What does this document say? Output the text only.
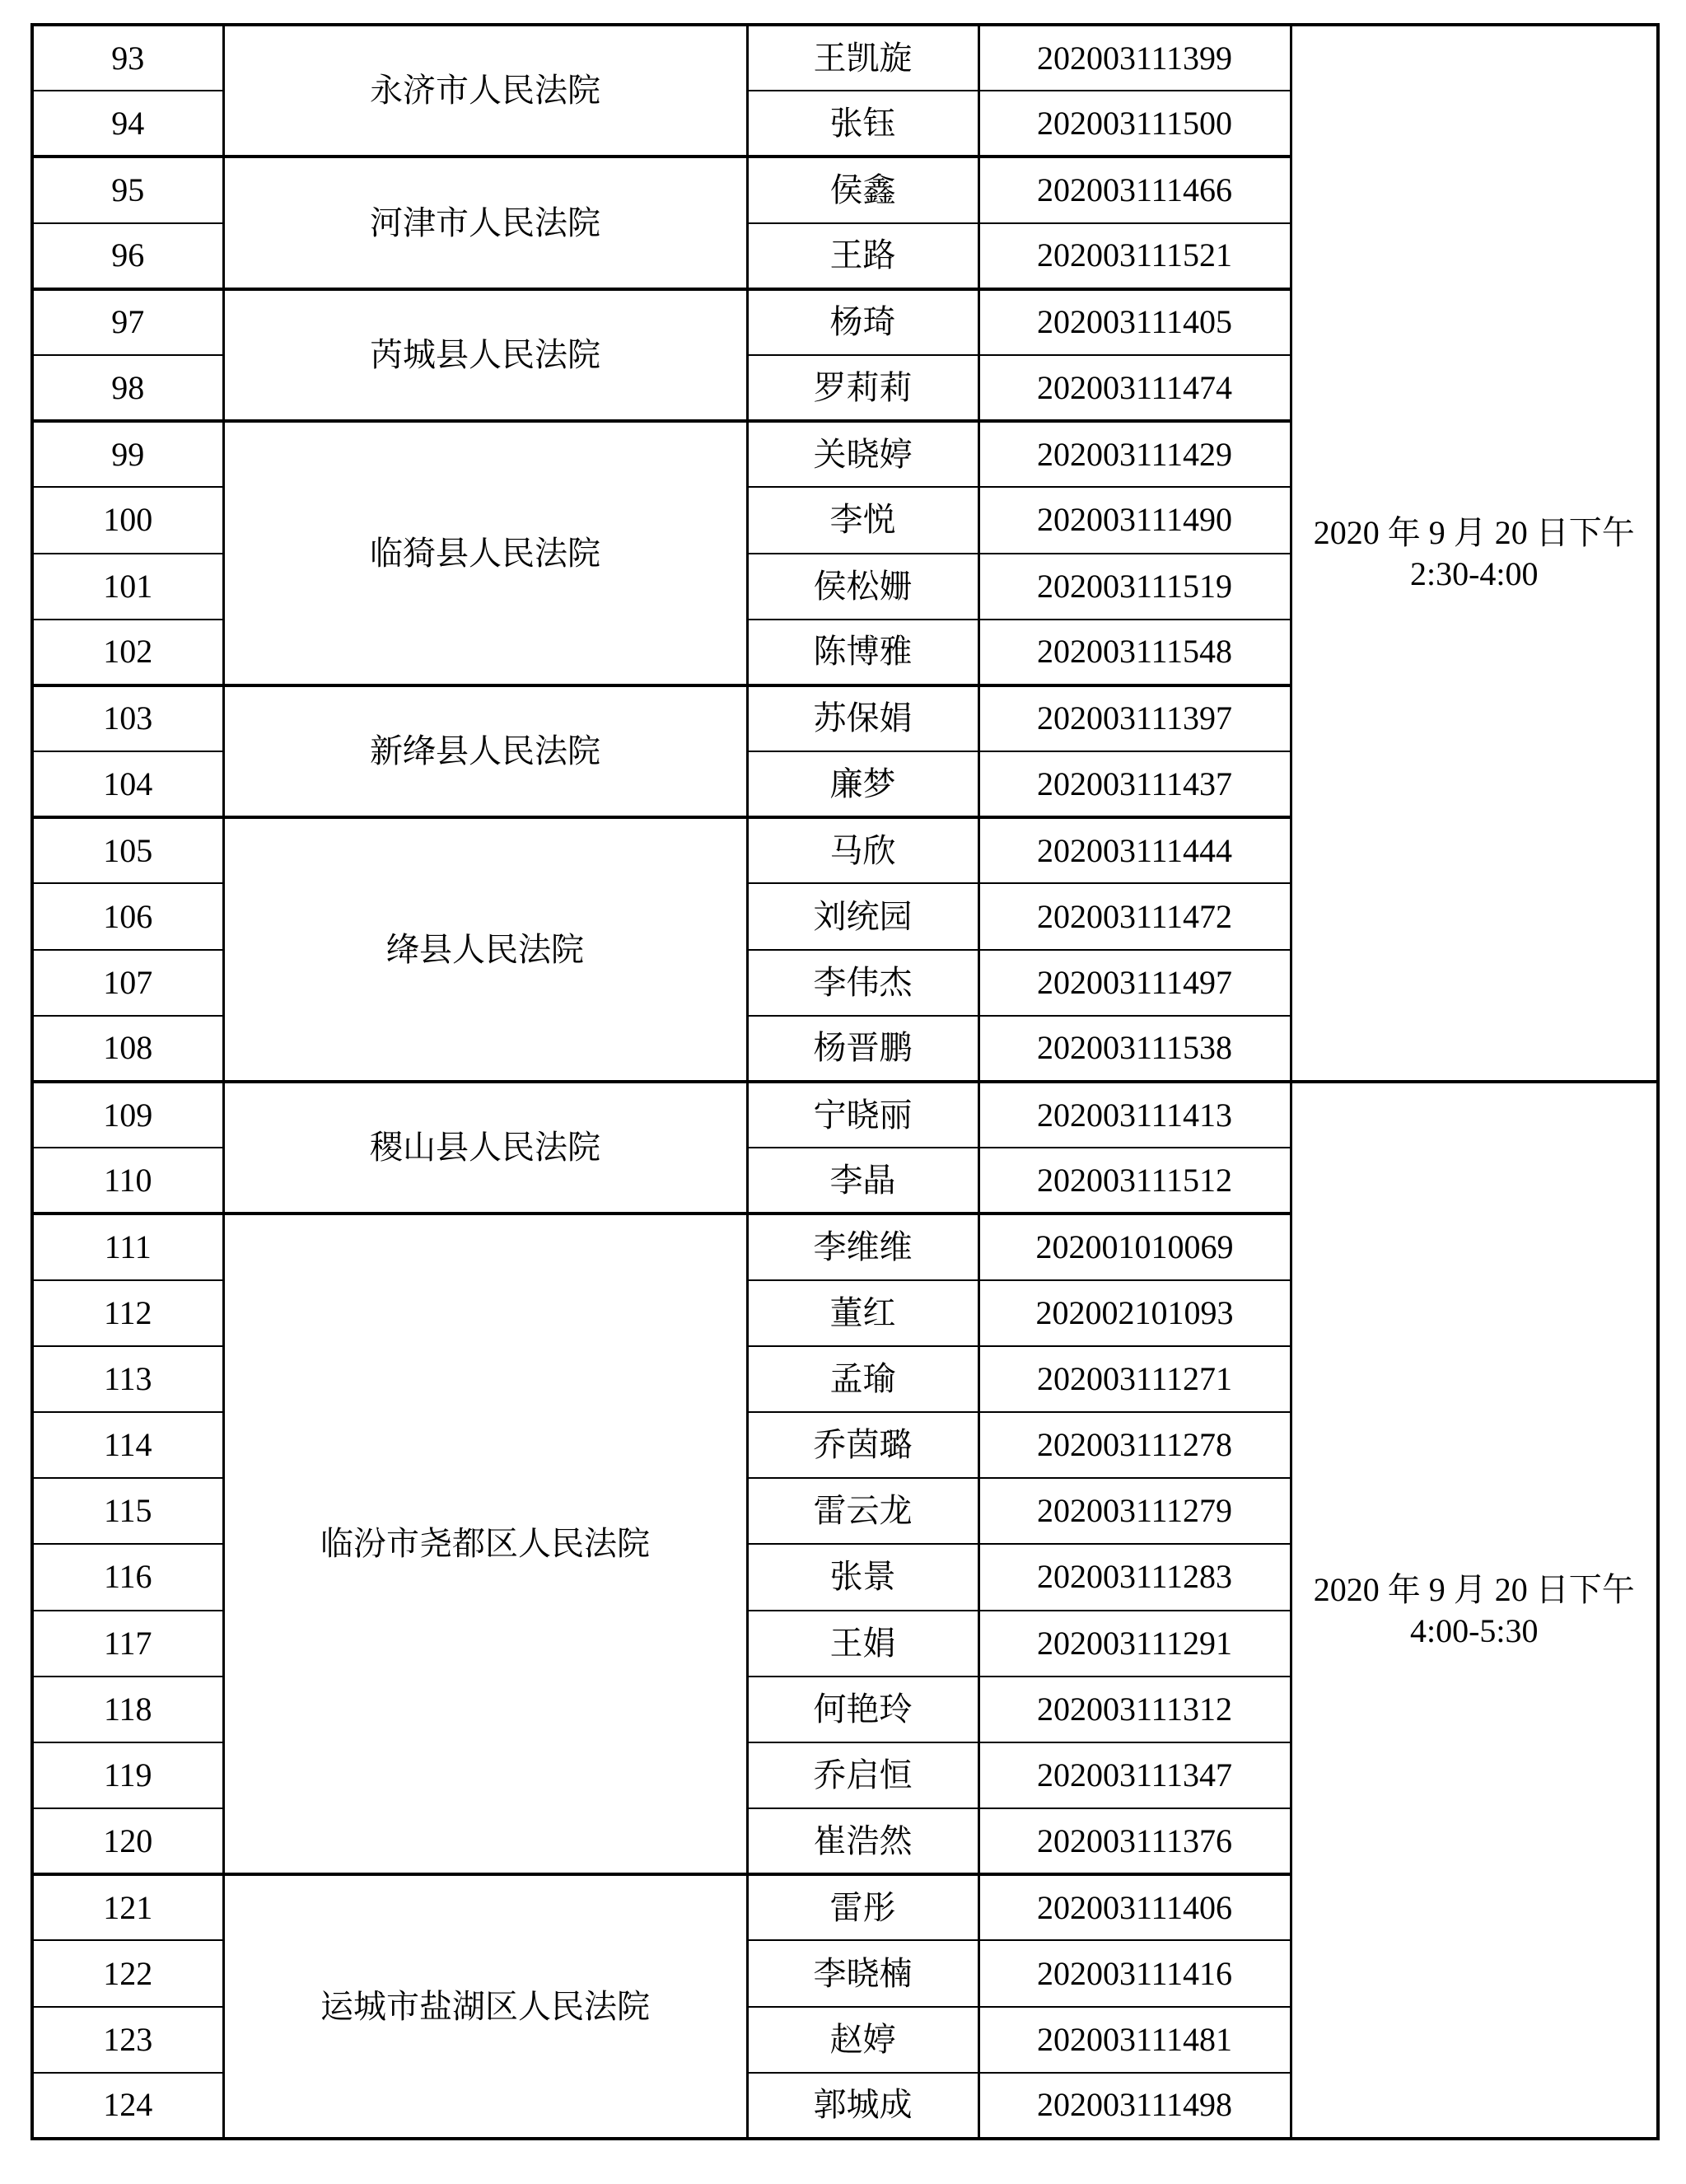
93	永济市人民法院	王凯旋	202003111399	2020 年 9 月 20 日下午
2:30-4:00

94		张钰	202003111500	
95	河津市人民法院	侯鑫	202003111466	
96		王路	202003111521	
97	芮城县人民法院	杨琦	202003111405	
98		罗莉莉	202003111474	
99	临猗县人民法院	关晓婷	202003111429	
100		李悦	202003111490	
101		侯松姗	202003111519	
102		陈博雅	202003111548	
103	新绛县人民法院	苏保娟	202003111397	
104		廉梦	202003111437	
105	绛县人民法院	马欣	202003111444	
106		刘统园	202003111472	
107		李伟杰	202003111497	
108		杨晋鹏	202003111538	
109	稷山县人民法院	宁晓丽	202003111413	2020 年 9 月 20 日下午
4:00-5:30

110		李晶	202003111512	
111	临汾市尧都区人民法院	李维维	202001010069	
112		董红	202002101093	
113		孟瑜	202003111271	
114		乔茵璐	202003111278	
115		雷云龙	202003111279	
116		张景	202003111283	
117		王娟	202003111291	
118		何艳玲	202003111312	
119		乔启恒	202003111347	
120		崔浩然	202003111376	
121	运城市盐湖区人民法院	雷彤	202003111406	
122		李晓楠	202003111416	
123		赵婷	202003111481	
124		郭城成	202003111498	
